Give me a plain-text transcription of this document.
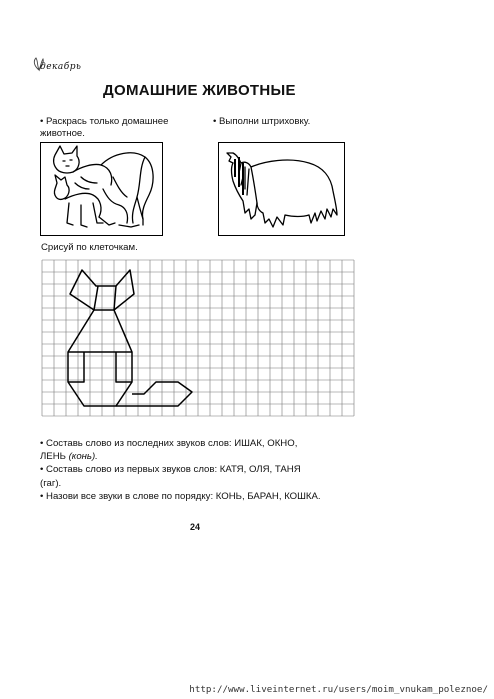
декабрь
ДОМАШНИЕ ЖИВОТНЫЕ
• Раскрась только домашнее животное.
• Выполни штриховку.
Срисуй по клеточкам.
• Составь слово из последних звуков слов: ИШАК, ОКНО,
ЛЕНЬ (конь).
• Составь слово из первых звуков слов: КАТЯ, ОЛЯ, ТАНЯ
(гаг).
• Назови все звуки в слове по порядку: КОНЬ, БАРАН, КОШКА.
24
http://www.liveinternet.ru/users/moim_vnukam_poleznoe/
